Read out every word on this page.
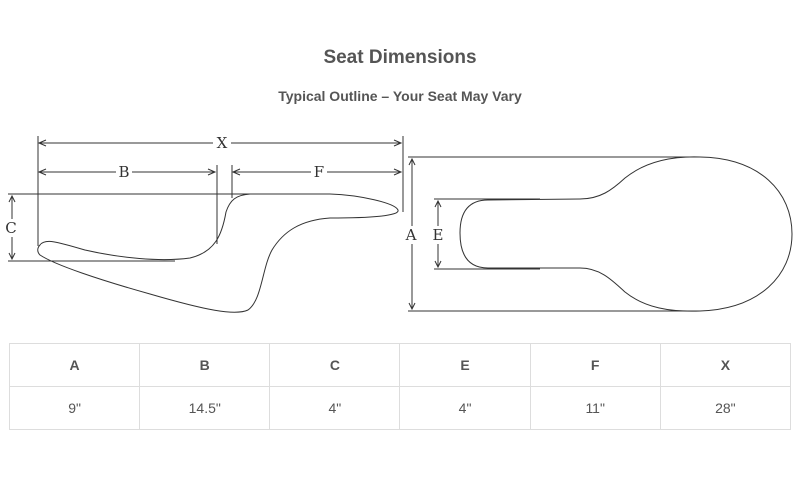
Seat Dimensions
Typical Outline – Your Seat May Vary
X
B	F
C	A E
A	B	C	E	F	X
9"	14.5"	4"	4"	11"	28"
